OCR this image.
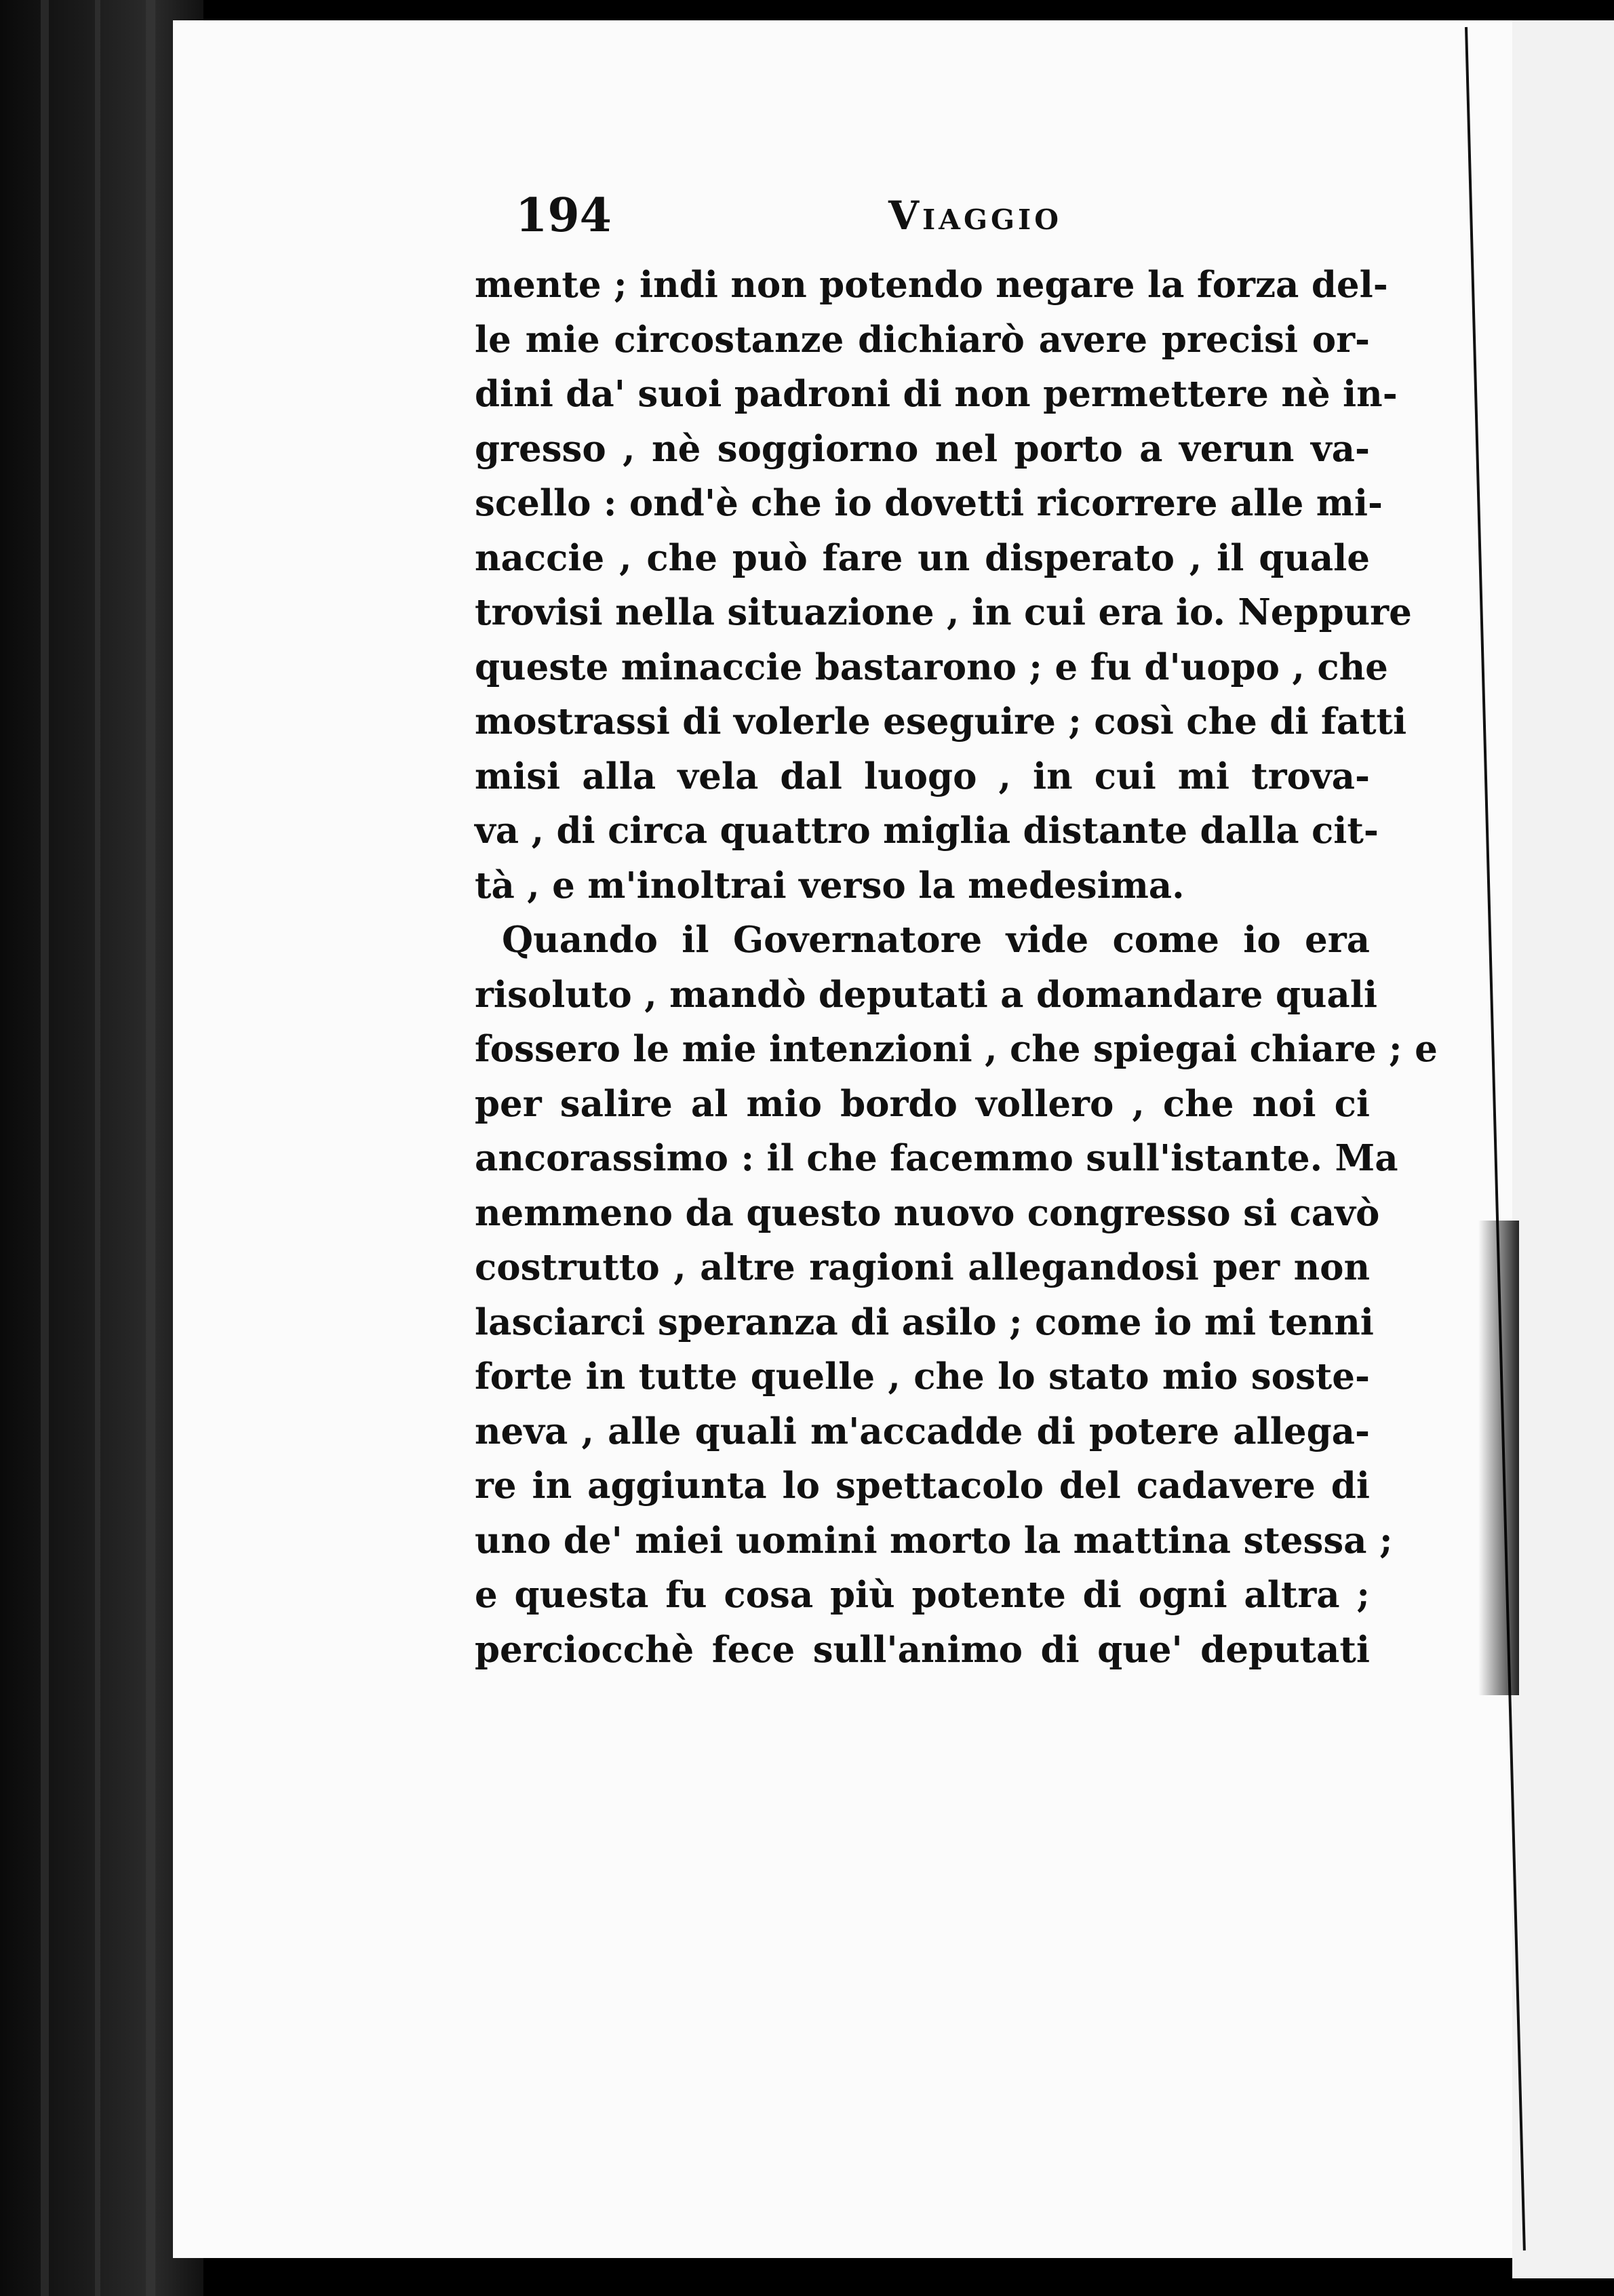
194	Viaggio
mente ; indi non potendo negare la forza del-
le mie circostanze dichiarò avere precisi or-
dini da' suoi padroni di non permettere nè in-
gresso , nè soggiorno nel porto a verun va-
scello : ond'è che io dovetti ricorrere alle mi-
naccie , che può fare un disperato , il quale
trovisi nella situazione , in cui era io. Neppure
queste minaccie bastarono ; e fu d'uopo , che
mostrassi di volerle eseguire ; così che di fatti
misi alla vela dal luogo , in cui mi trova-
va , di circa quattro miglia distante dalla cit-
tà , e m'inoltrai verso la medesima.
Quando il Governatore vide come io era
risoluto , mandò deputati a domandare quali
fossero le mie intenzioni , che spiegai chiare ; e
per salire al mio bordo vollero , che noi ci
ancorassimo : il che facemmo sull'istante. Ma
nemmeno da questo nuovo congresso si cavò
costrutto , altre ragioni allegandosi per non
lasciarci speranza di asilo ; come io mi tenni
forte in tutte quelle , che lo stato mio soste-
neva , alle quali m'accadde di potere allega-
re in aggiunta lo spettacolo del cadavere di
uno de' miei uomini morto la mattina stessa ;
e questa fu cosa più potente di ogni altra ;
perciocchè fece sull'animo di que' deputati
